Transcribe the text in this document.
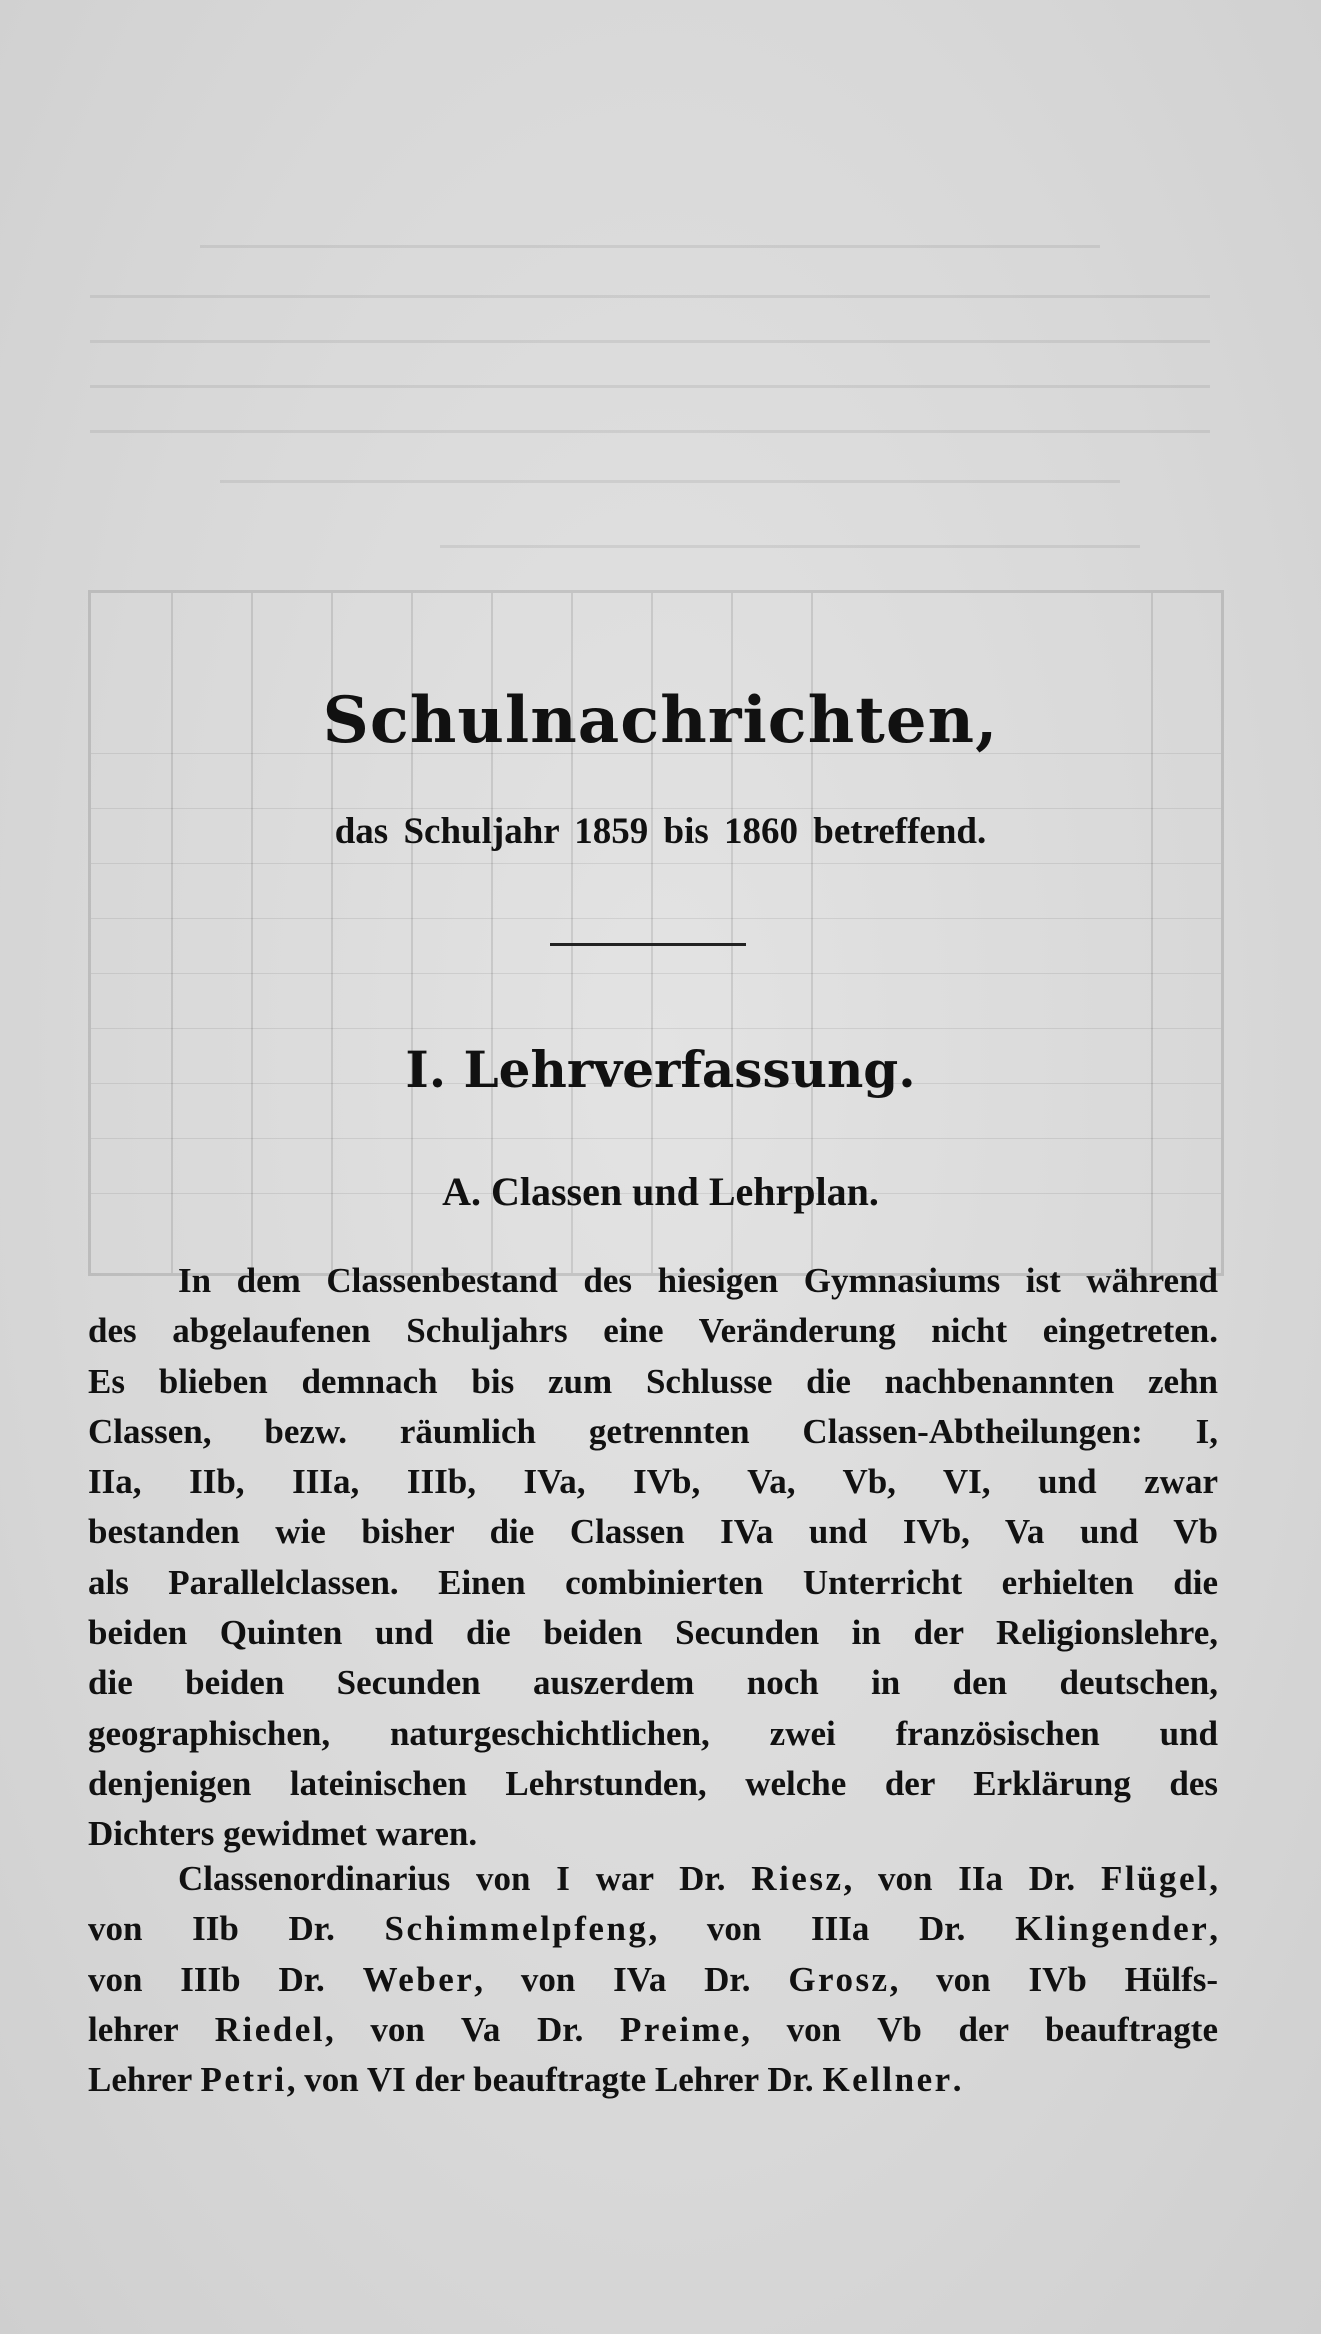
Schulnachrichten,
das Schuljahr 1859 bis 1860 betreffend.
I. Lehrverfassung.
A. Classen und Lehrplan.

In dem Classenbestand des hiesigen Gymnasiums ist während
des abgelaufenen Schuljahrs eine Veränderung nicht eingetreten.
Es blieben demnach bis zum Schlusse die nachbenannten zehn
Classen, bezw. räumlich getrennten Classen-Abtheilungen: I,
IIa, IIb, IIIa, IIIb, IVa, IVb, Va, Vb, VI, und zwar
bestanden wie bisher die Classen IVa und IVb, Va und Vb
als Parallelclassen. Einen combinierten Unterricht erhielten die
beiden Quinten und die beiden Secunden in der Religionslehre,
die beiden Secunden auszerdem noch in den deutschen,
geographischen, naturgeschichtlichen, zwei französischen und
denjenigen lateinischen Lehrstunden, welche der Erklärung des
Dichters gewidmet waren.

Classenordinarius von I war Dr. Riesz, von IIa Dr. Flügel,
von IIb Dr. Schimmelpfeng, von IIIa Dr. Klingender,
von IIIb Dr. Weber, von IVa Dr. Grosz, von IVb Hülfs-
lehrer Riedel, von Va Dr. Preime, von Vb der beauftragte
Lehrer Petri, von VI der beauftragte Lehrer Dr. Kellner.
